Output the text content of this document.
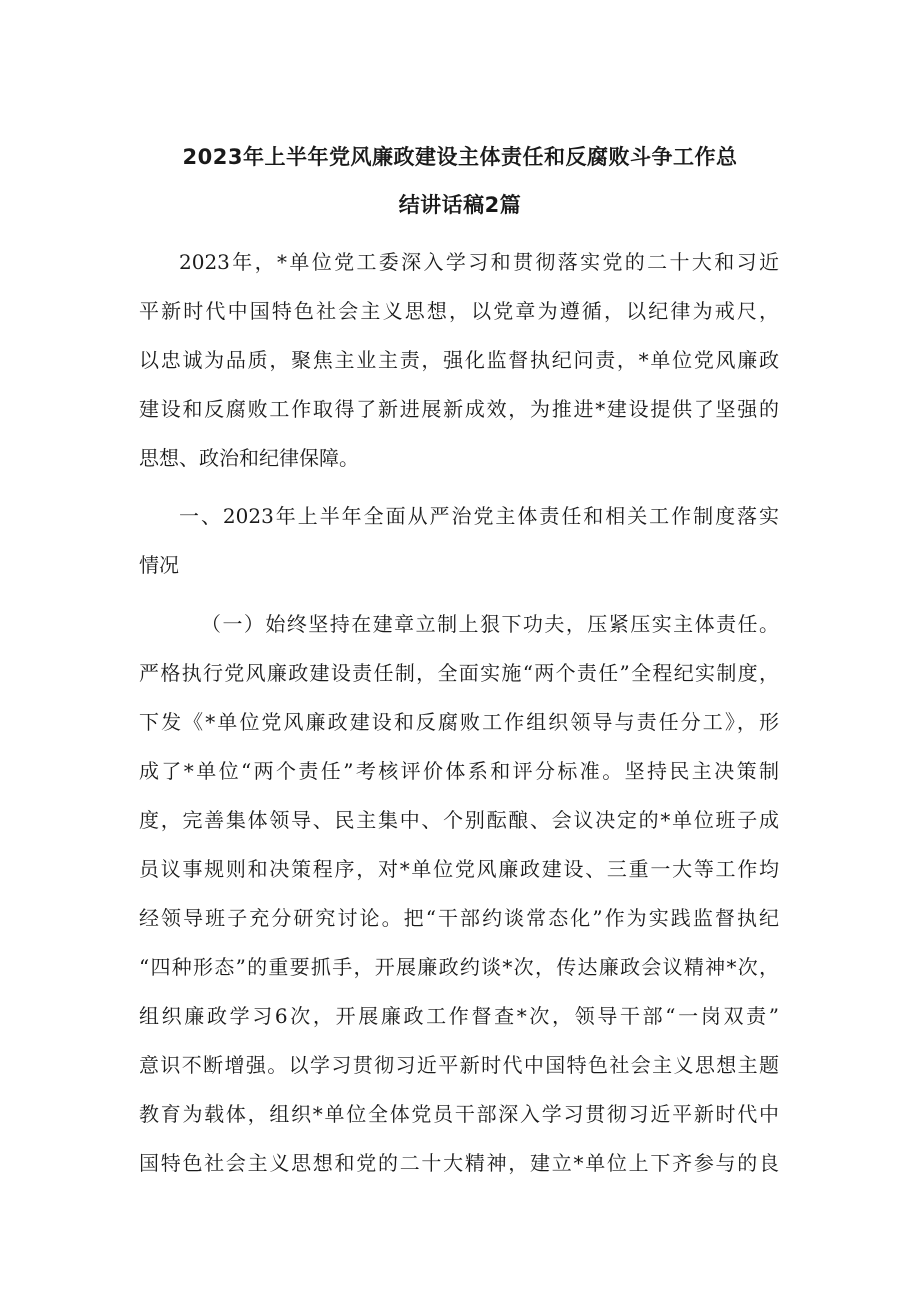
2023年上半年党风廉政建设主体责任和反腐败斗争工作总
结讲话稿2篇
2023年，*单位党工委深入学习和贯彻落实党的二十大和习近
平新时代中国特色社会主义思想，以党章为遵循，以纪律为戒尺，
以忠诚为品质，聚焦主业主责，强化监督执纪问责，*单位党风廉政
建设和反腐败工作取得了新进展新成效，为推进*建设提供了坚强的
思想、政治和纪律保障。
一、2023年上半年全面从严治党主体责任和相关工作制度落实
情况
（一）始终坚持在建章立制上狠下功夫，压紧压实主体责任。
严格执行党风廉政建设责任制，全面实施“两个责任”全程纪实制度，
下发《*单位党风廉政建设和反腐败工作组织领导与责任分工》，形
成了*单位“两个责任”考核评价体系和评分标准。坚持民主决策制
度，完善集体领导、民主集中、个别酝酿、会议决定的*单位班子成
员议事规则和决策程序，对*单位党风廉政建设、三重一大等工作均
经领导班子充分研究讨论。把“干部约谈常态化”作为实践监督执纪
“四种形态”的重要抓手，开展廉政约谈*次，传达廉政会议精神*次，
组织廉政学习6次，开展廉政工作督查*次，领导干部“一岗双责”
意识不断增强。以学习贯彻习近平新时代中国特色社会主义思想主题
教育为载体，组织*单位全体党员干部深入学习贯彻习近平新时代中
国特色社会主义思想和党的二十大精神，建立*单位上下齐参与的良
